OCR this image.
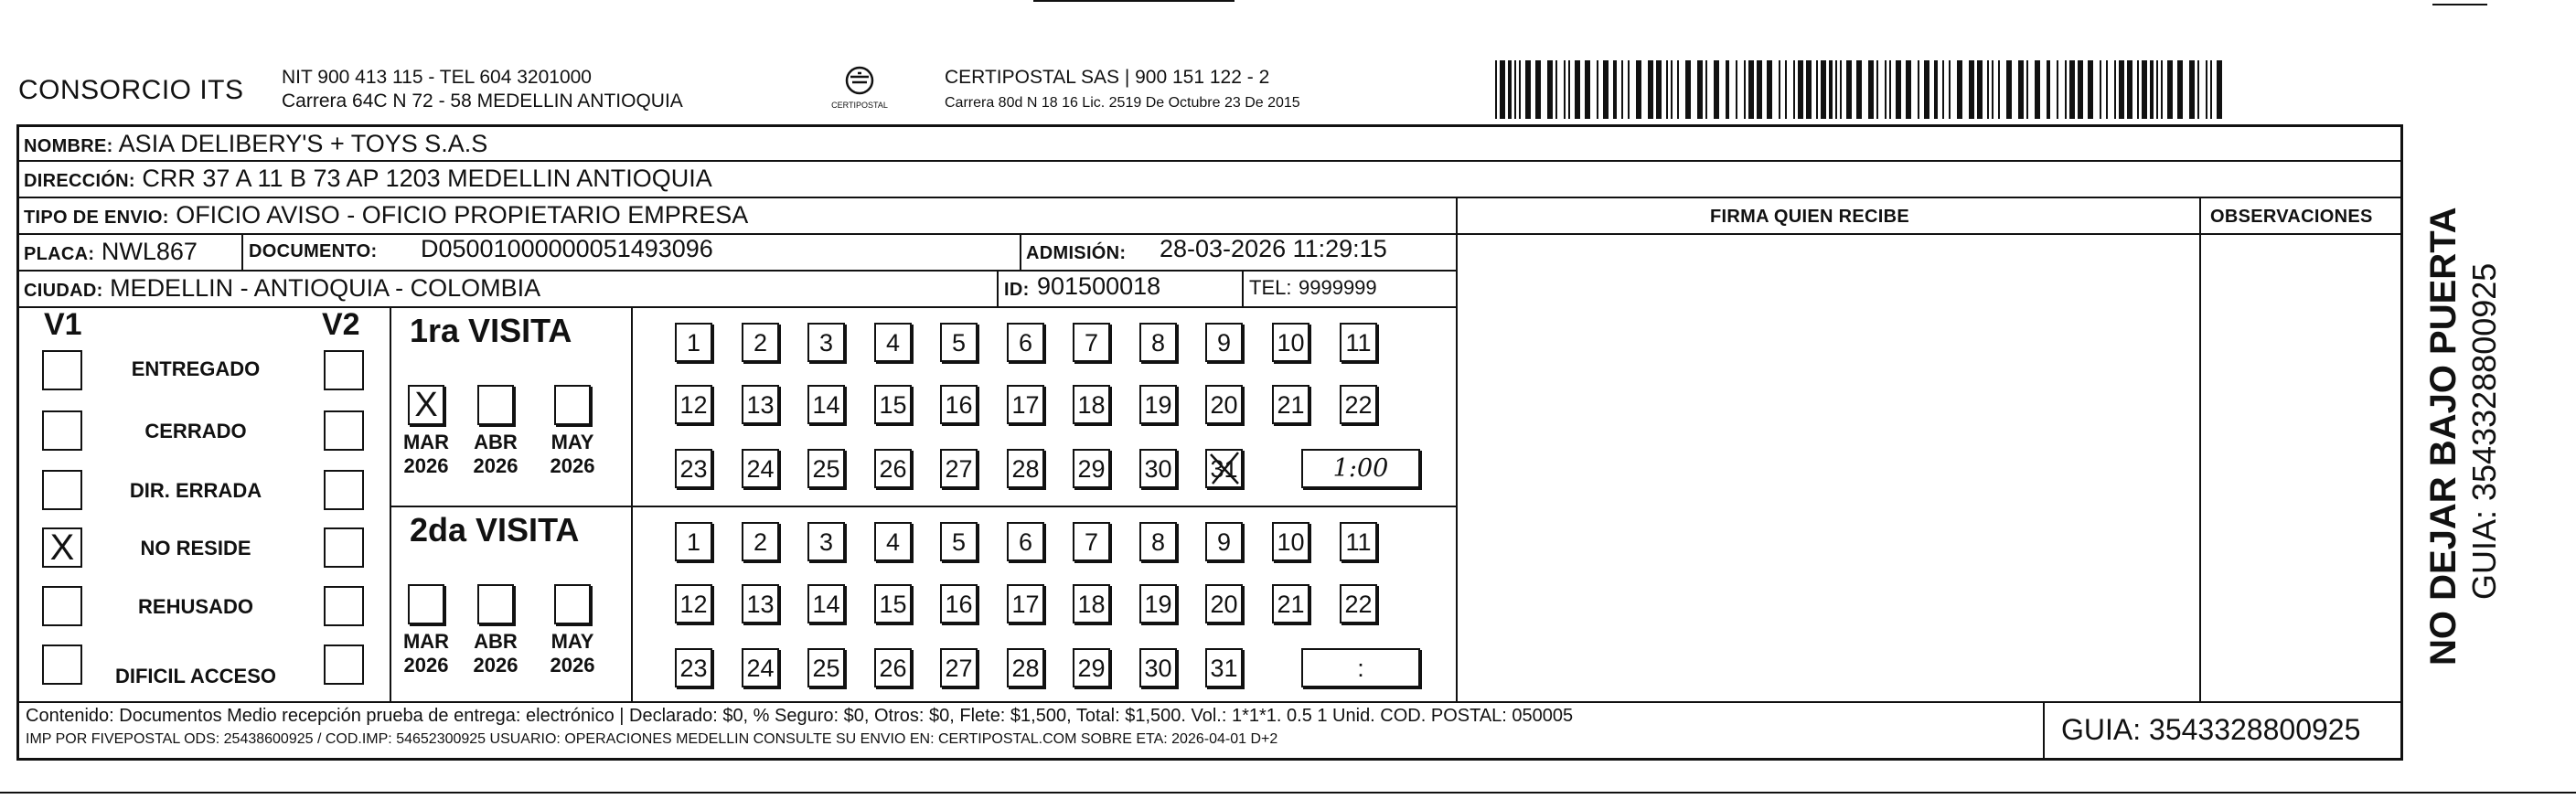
CONSORCIO ITS NIT 900 413 115 - TEL 604 3201000
Carrera 64C N 72 - 58 MEDELLIN ANTIOQUIA	CERTIPOSTAL
CERTIPOSTAL SAS | 900 151 122 - 2
Carrera 80d N 18 16 Lic. 2519 De Octubre 23 De 2015
NOMBRE: ASIA DELIBERY'S + TOYS S.A.S
DIRECCIÓN: CRR 37 A 11 B 73 AP 1203 MEDELLIN ANTIOQUIA
TIPO DE ENVIO: OFICIO AVISO - OFICIO PROPIETARIO EMPRESA	FIRMA QUIEN RECIBE	OBSERVACIONES
PLACA: NWL867	DOCUMENTO: D05001000000051493096	ADMISIÓN: 28-03-2026 11:29:15
CIUDAD: MEDELLIN - ANTIOQUIA - COLOMBIA	ID: 901500018	TEL: 9999999
V1	V2
ENTREGADO
CERRADO
DIR. ERRADA
X	NO RESIDE
REHUSADO
DIFICIL ACCESO
1ra VISITA
X
MAR
2026
ABR
2026
MAY
2026
1	2	3	4	5	6	7	8	9	10 11
12 13 14 15 16 17 18 19 20 21 22
23 24 25 26 27 28 29 30 31	1:00
2da VISITA
MAR
2026
ABR
2026
MAY
2026
1	2	3	4	5	6	7	8	9	10 11
12 13 14 15 16 17 18 19 20 21 22
23 24 25 26 27 28 29 30 31	:
Contenido: Documentos Medio recepción prueba de entrega: electrónico | Declarado: $0, % Seguro: $0, Otros: $0, Flete: $1,500, Total: $1,500. Vol.: 1*1*1. 0.5 1 Unid. COD. POSTAL: 050005
IMP POR FIVEPOSTAL ODS: 25438600925 / COD.IMP: 54652300925 USUARIO: OPERACIONES MEDELLIN CONSULTE SU ENVIO EN: CERTIPOSTAL.COM SOBRE ETA: 2026-04-01 D+2	GUIA: 3543328800925
NO DEJAR BAJO PUERTA GUIA: 3543328800925
